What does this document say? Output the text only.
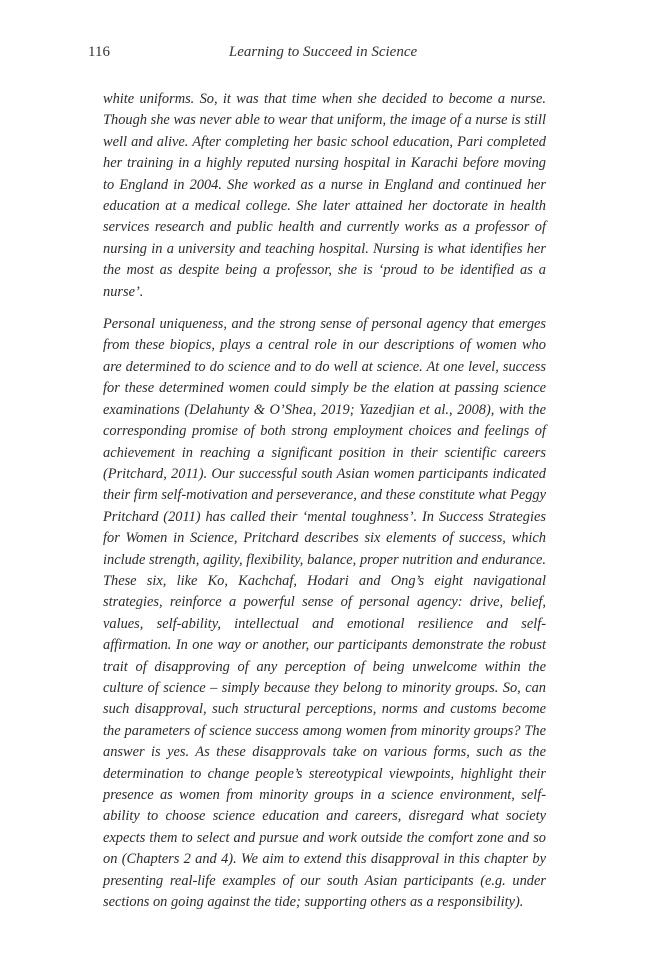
116	Learning to Succeed in Science

white uniforms. So, it was that time when she decided to become a nurse. Though she was never able to wear that uniform, the image of a nurse is still well and alive. After completing her basic school education, Pari completed her training in a highly reputed nursing hospital in Karachi before moving to England in 2004. She worked as a nurse in England and continued her education at a medical college. She later attained her doctorate in health services research and public health and currently works as a professor of nursing in a university and teaching hospital. Nursing is what identifies her the most as despite being a professor, she is ‘proud to be identified as a nurse’.

Personal uniqueness, and the strong sense of personal agency that emerges from these biopics, plays a central role in our descriptions of women who are determined to do science and to do well at science. At one level, success for these determined women could simply be the elation at passing science examinations (Delahunty & O’Shea, 2019; Yazedjian et al., 2008), with the corresponding promise of both strong employment choices and feelings of achievement in reaching a significant position in their scientific careers (Pritchard, 2011). Our successful south Asian women participants indicated their firm self-motivation and perseverance, and these constitute what Peggy Pritchard (2011) has called their ‘mental toughness’. In Success Strategies for Women in Science, Pritchard describes six elements of success, which include strength, agility, flexibility, balance, proper nutrition and endurance. These six, like Ko, Kachchaf, Hodari and Ong’s eight navigational strategies, reinforce a powerful sense of personal agency: drive, belief, values, self-ability, intellectual and emotional resilience and self-affirmation. In one way or another, our participants demonstrate the robust trait of disapproving of any perception of being unwelcome within the culture of science – simply because they belong to minority groups. So, can such disapproval, such structural perceptions, norms and customs become the parameters of science success among women from minority groups? The answer is yes. As these disapprovals take on various forms, such as the determination to change people’s stereotypical viewpoints, highlight their presence as women from minority groups in a science environment, self-ability to choose science education and careers, disregard what society expects them to select and pursue and work outside the comfort zone and so on (Chapters 2 and 4). We aim to extend this disapproval in this chapter by presenting real-life examples of our south Asian participants (e.g. under sections on going against the tide; supporting others as a responsibility).
